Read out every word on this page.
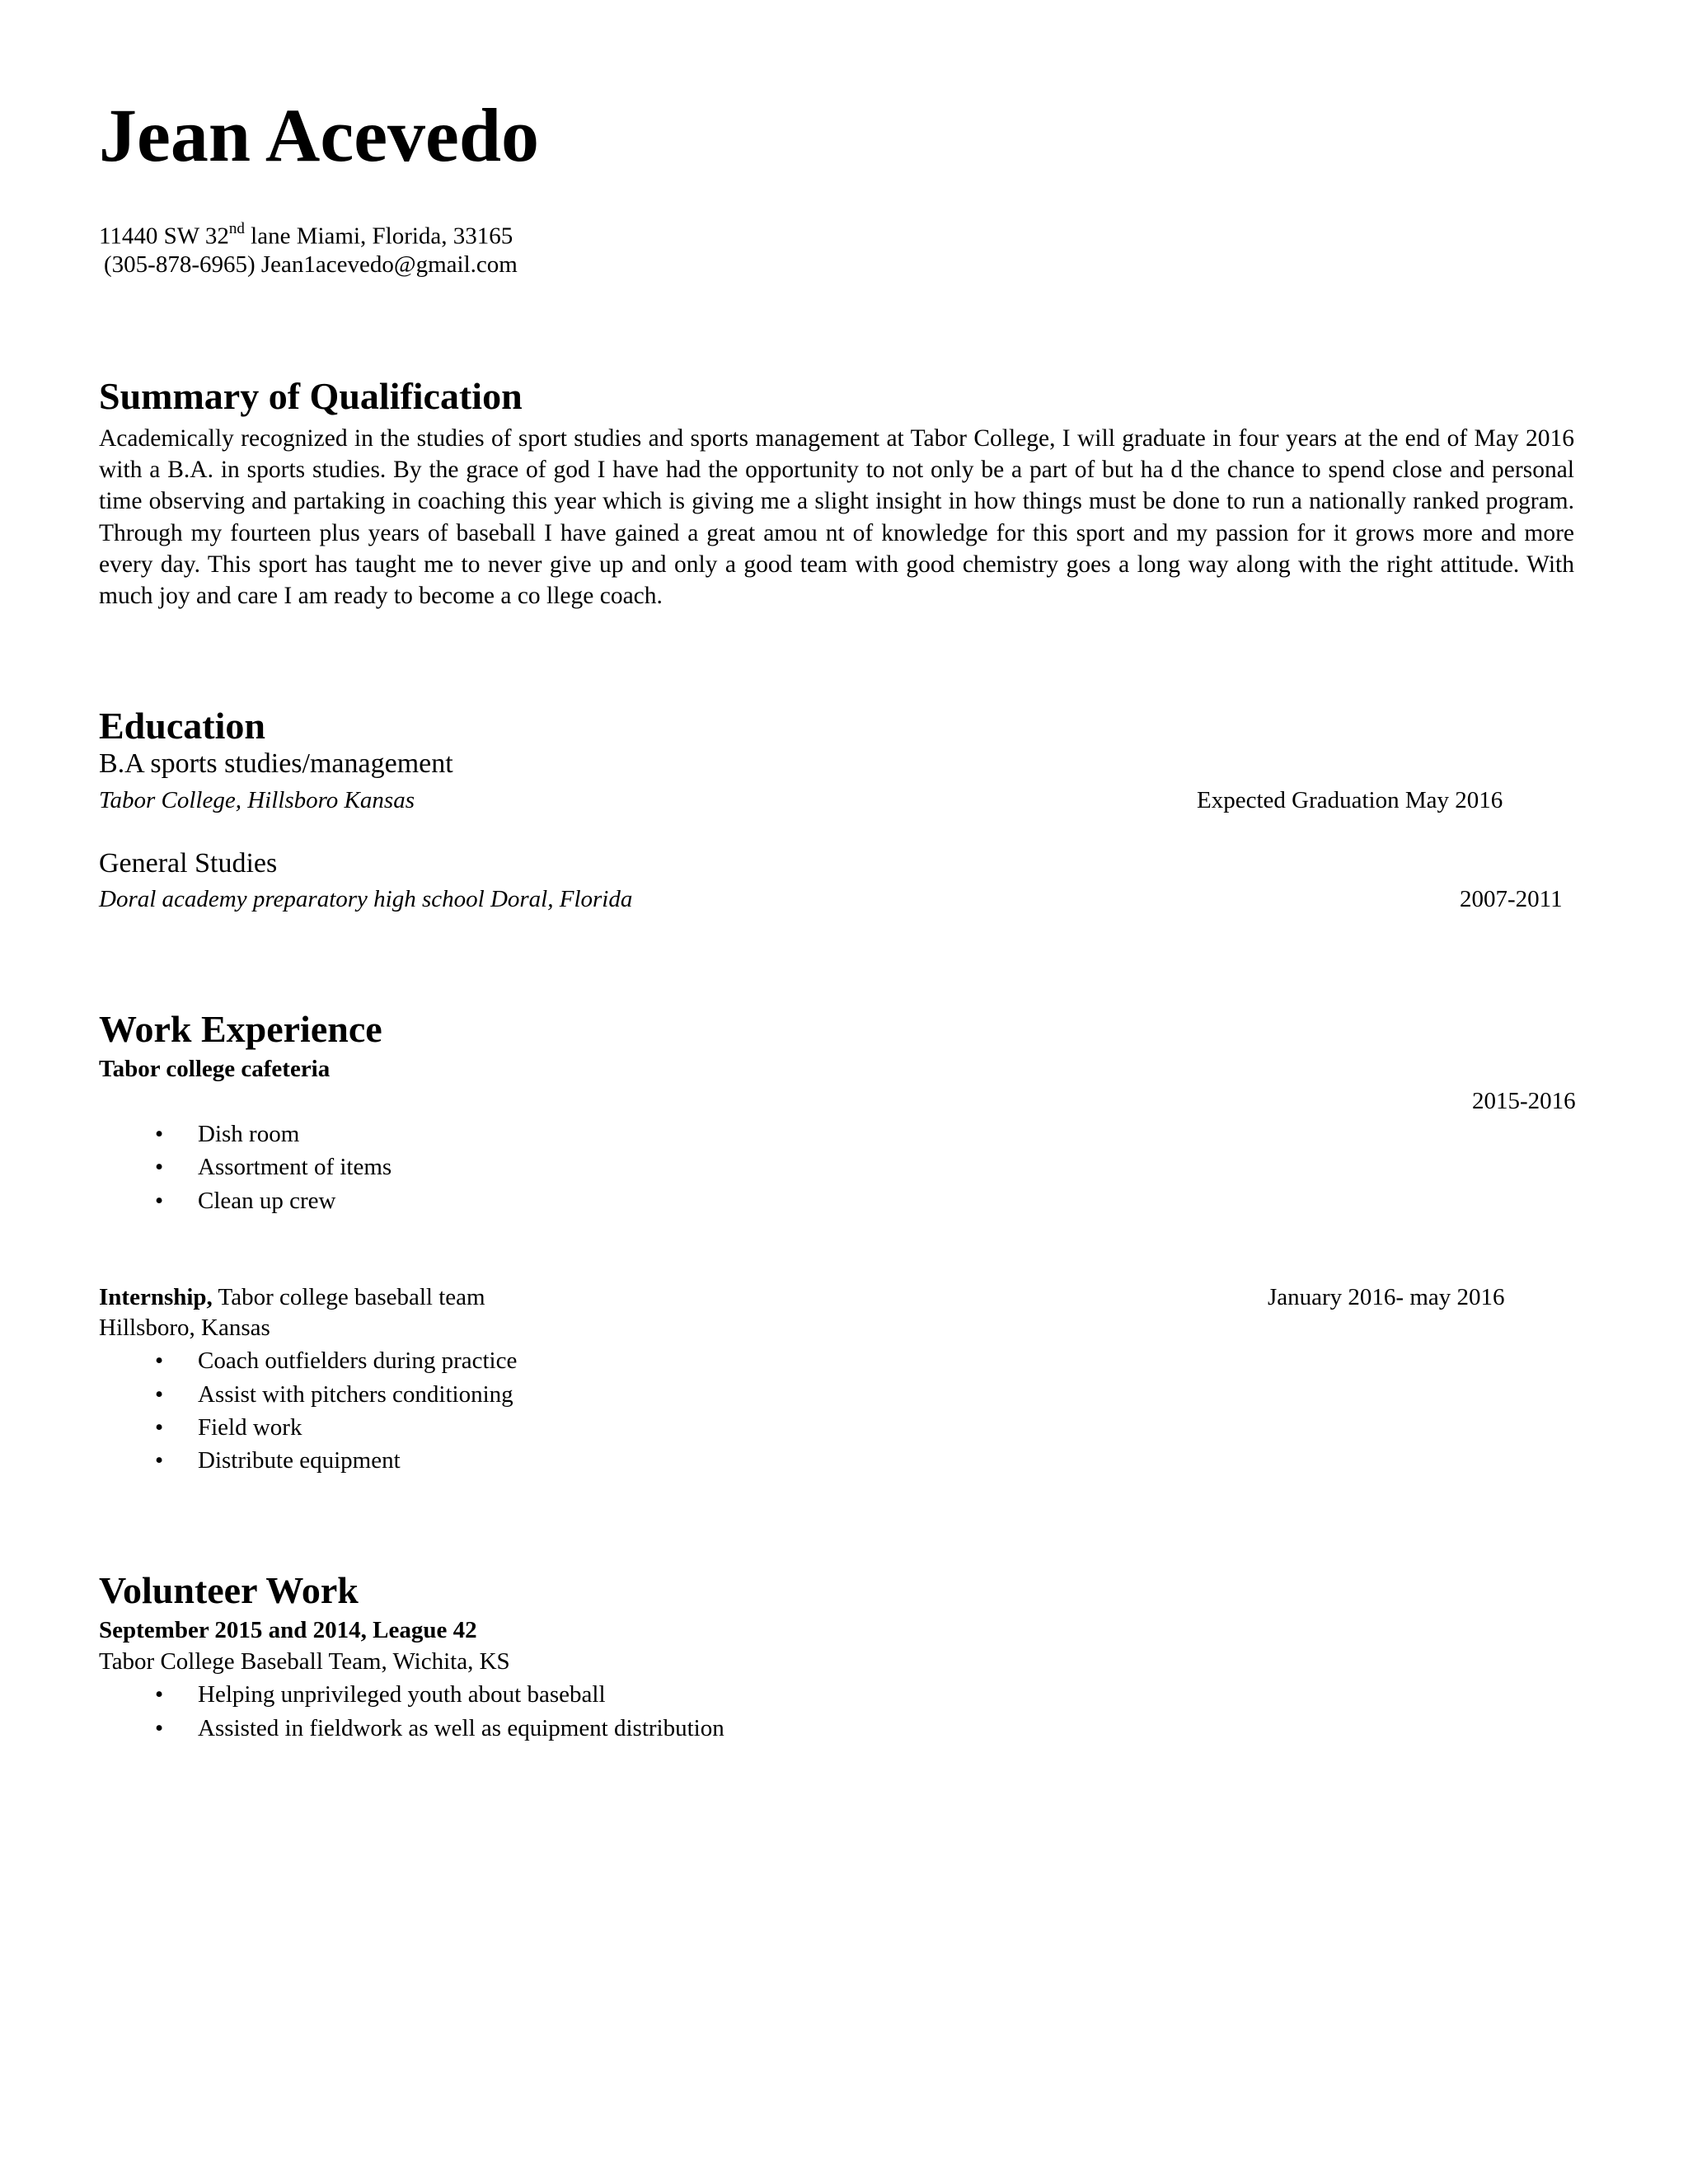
Jean Acevedo
11440 SW 32nd lane Miami, Florida, 33165
(305-878-6965) Jean1acevedo@gmail.com
Summary of Qualification
Academically recognized in the studies of sport studies and sports management at Tabor College, I will graduate in four years at the end of May 2016 with a B.A. in sports studies. By the grace of god I have had the opportunity to not only be a part of but ha d the chance to spend close and personal time observing and partaking in coaching this year which is giving me a slight insight in how things must be done to run a nationally ranked program. Through my fourteen plus years of baseball I have gained a great amou nt of knowledge for this sport and my passion for it grows more and more every day. This sport has taught me to never give up and only a good team with good chemistry goes a long way along with the right attitude. With much joy and care I am ready to become a co llege coach.
Education
B.A sports studies/management
Tabor College, Hillsboro Kansas	Expected Graduation May 2016
General Studies
Doral academy preparatory high school Doral, Florida	2007-2011
Work Experience
Tabor college cafeteria
2015-2016
• Dish room
• Assortment of items
• Clean up crew
Internship, Tabor college baseball team	January 2016- may 2016
Hillsboro, Kansas
• Coach outfielders during practice
• Assist with pitchers conditioning
• Field work
• Distribute equipment
Volunteer Work
September 2015 and 2014, League 42
Tabor College Baseball Team, Wichita, KS
• Helping unprivileged youth about baseball
• Assisted in fieldwork as well as equipment distribution
